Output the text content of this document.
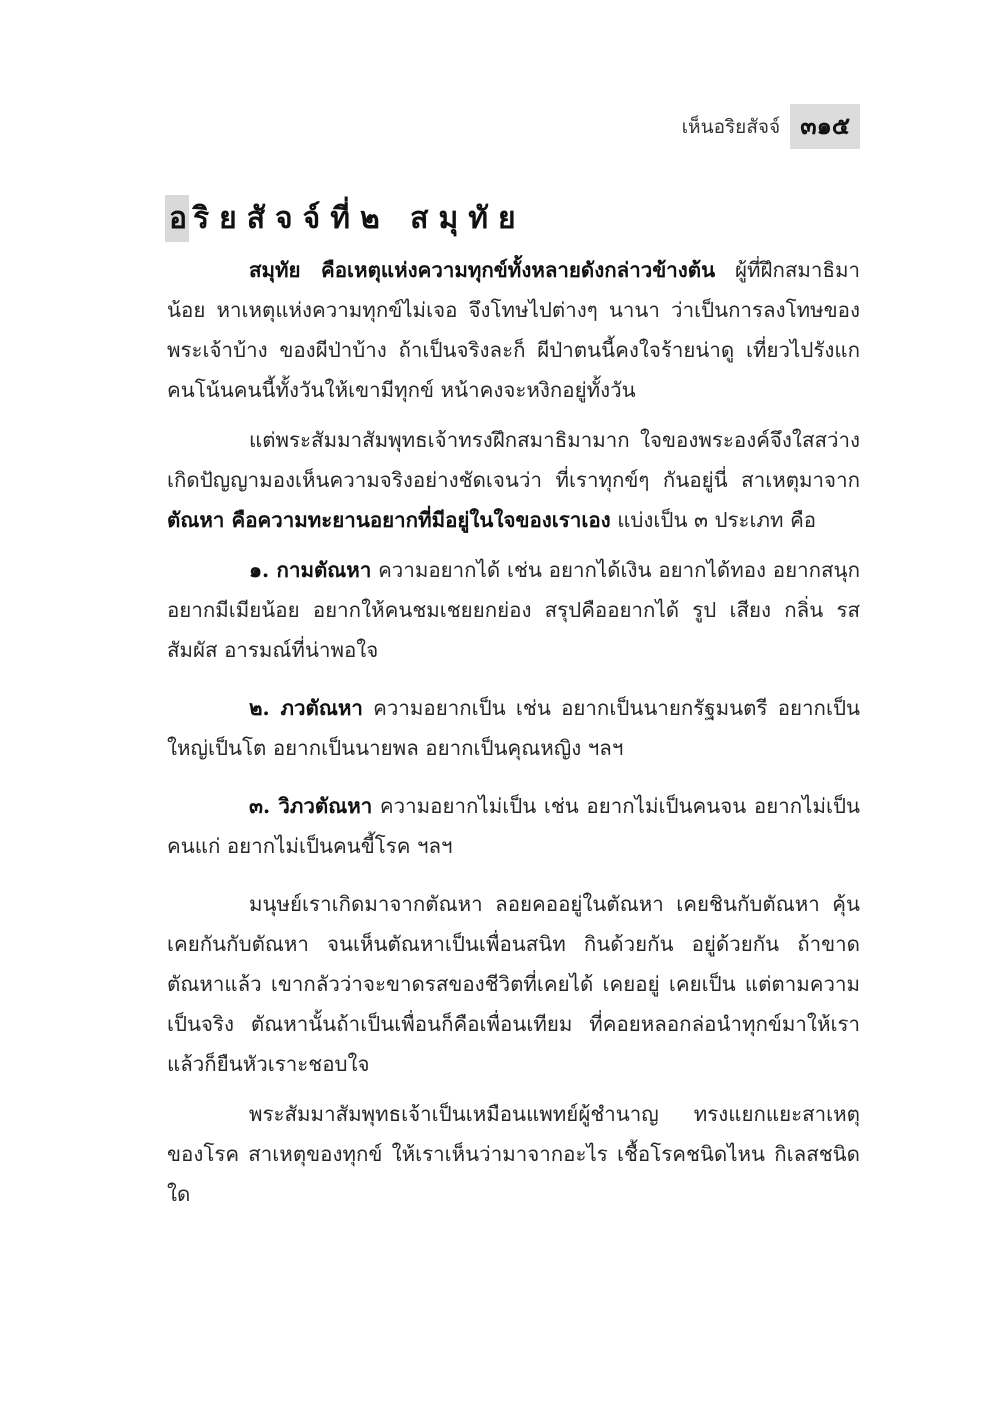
เห็นอริยสัจจ์ ๓๑๕
อ ริยสัจจ์ที่๒ สมุทัย

สมุทัย คือเหตุแห่งความทุกข์ทั้งหลายดังกล่าวข้างต้น ผู้ที่ฝึกสมาธิมาน้อย หาเหตุแห่งความทุกข์ไม่เจอ จึงโทษไปต่างๆ นานา ว่าเป็นการลงโทษของพระเจ้าบ้าง ของผีป่าบ้าง ถ้าเป็นจริงละก็ ผีป่าตนนี้คงใจร้ายน่าดู เที่ยวไปรังแกคนโน้นคนนี้ทั้งวันให้เขามีทุกข์ หน้าคงจะหงิกอยู่ทั้งวัน

แต่พระสัมมาสัมพุทธเจ้าทรงฝึกสมาธิมามาก ใจของพระองค์จึงใสสว่าง เกิดปัญญามองเห็นความจริงอย่างชัดเจนว่า ที่เราทุกข์ๆ กันอยู่นี่ สาเหตุมาจาก ตัณหา คือความทะยานอยากที่มีอยู่ในใจของเราเอง แบ่งเป็น ๓ ประเภท คือ

๑. กามตัณหา ความอยากได้ เช่น อยากได้เงิน อยากได้ทอง อยากสนุก อยากมีเมียน้อย อยากให้คนชมเชยยกย่อง สรุปคืออยากได้ รูป เสียง กลิ่น รส สัมผัส อารมณ์ที่น่าพอใจ

๒. ภวตัณหา ความอยากเป็น เช่น อยากเป็นนายกรัฐมนตรี อยากเป็นใหญ่เป็นโต อยากเป็นนายพล อยากเป็นคุณหญิง ฯลฯ

๓. วิภวตัณหา ความอยากไม่เป็น เช่น อยากไม่เป็นคนจน อยากไม่เป็นคนแก่ อยากไม่เป็นคนขี้โรค ฯลฯ

มนุษย์เราเกิดมาจากตัณหา ลอยคออยู่ในตัณหา เคยชินกับตัณหา คุ้นเคยกันกับตัณหา จนเห็นตัณหาเป็นเพื่อนสนิท กินด้วยกัน อยู่ด้วยกัน ถ้าขาดตัณหาแล้ว เขากลัวว่าจะขาดรสของชีวิตที่เคยได้ เคยอยู่ เคยเป็น แต่ตามความเป็นจริง ตัณหานั้นถ้าเป็นเพื่อนก็คือเพื่อนเทียม ที่คอยหลอกล่อนำทุกข์มาให้เราแล้วก็ยืนหัวเราะชอบใจ

พระสัมมาสัมพุทธเจ้าเป็นเหมือนแพทย์ผู้ชำนาญ ทรงแยกแยะสาเหตุของโรค สาเหตุของทุกข์ ให้เราเห็นว่ามาจากอะไร เชื้อโรคชนิดไหน กิเลสชนิดใด
